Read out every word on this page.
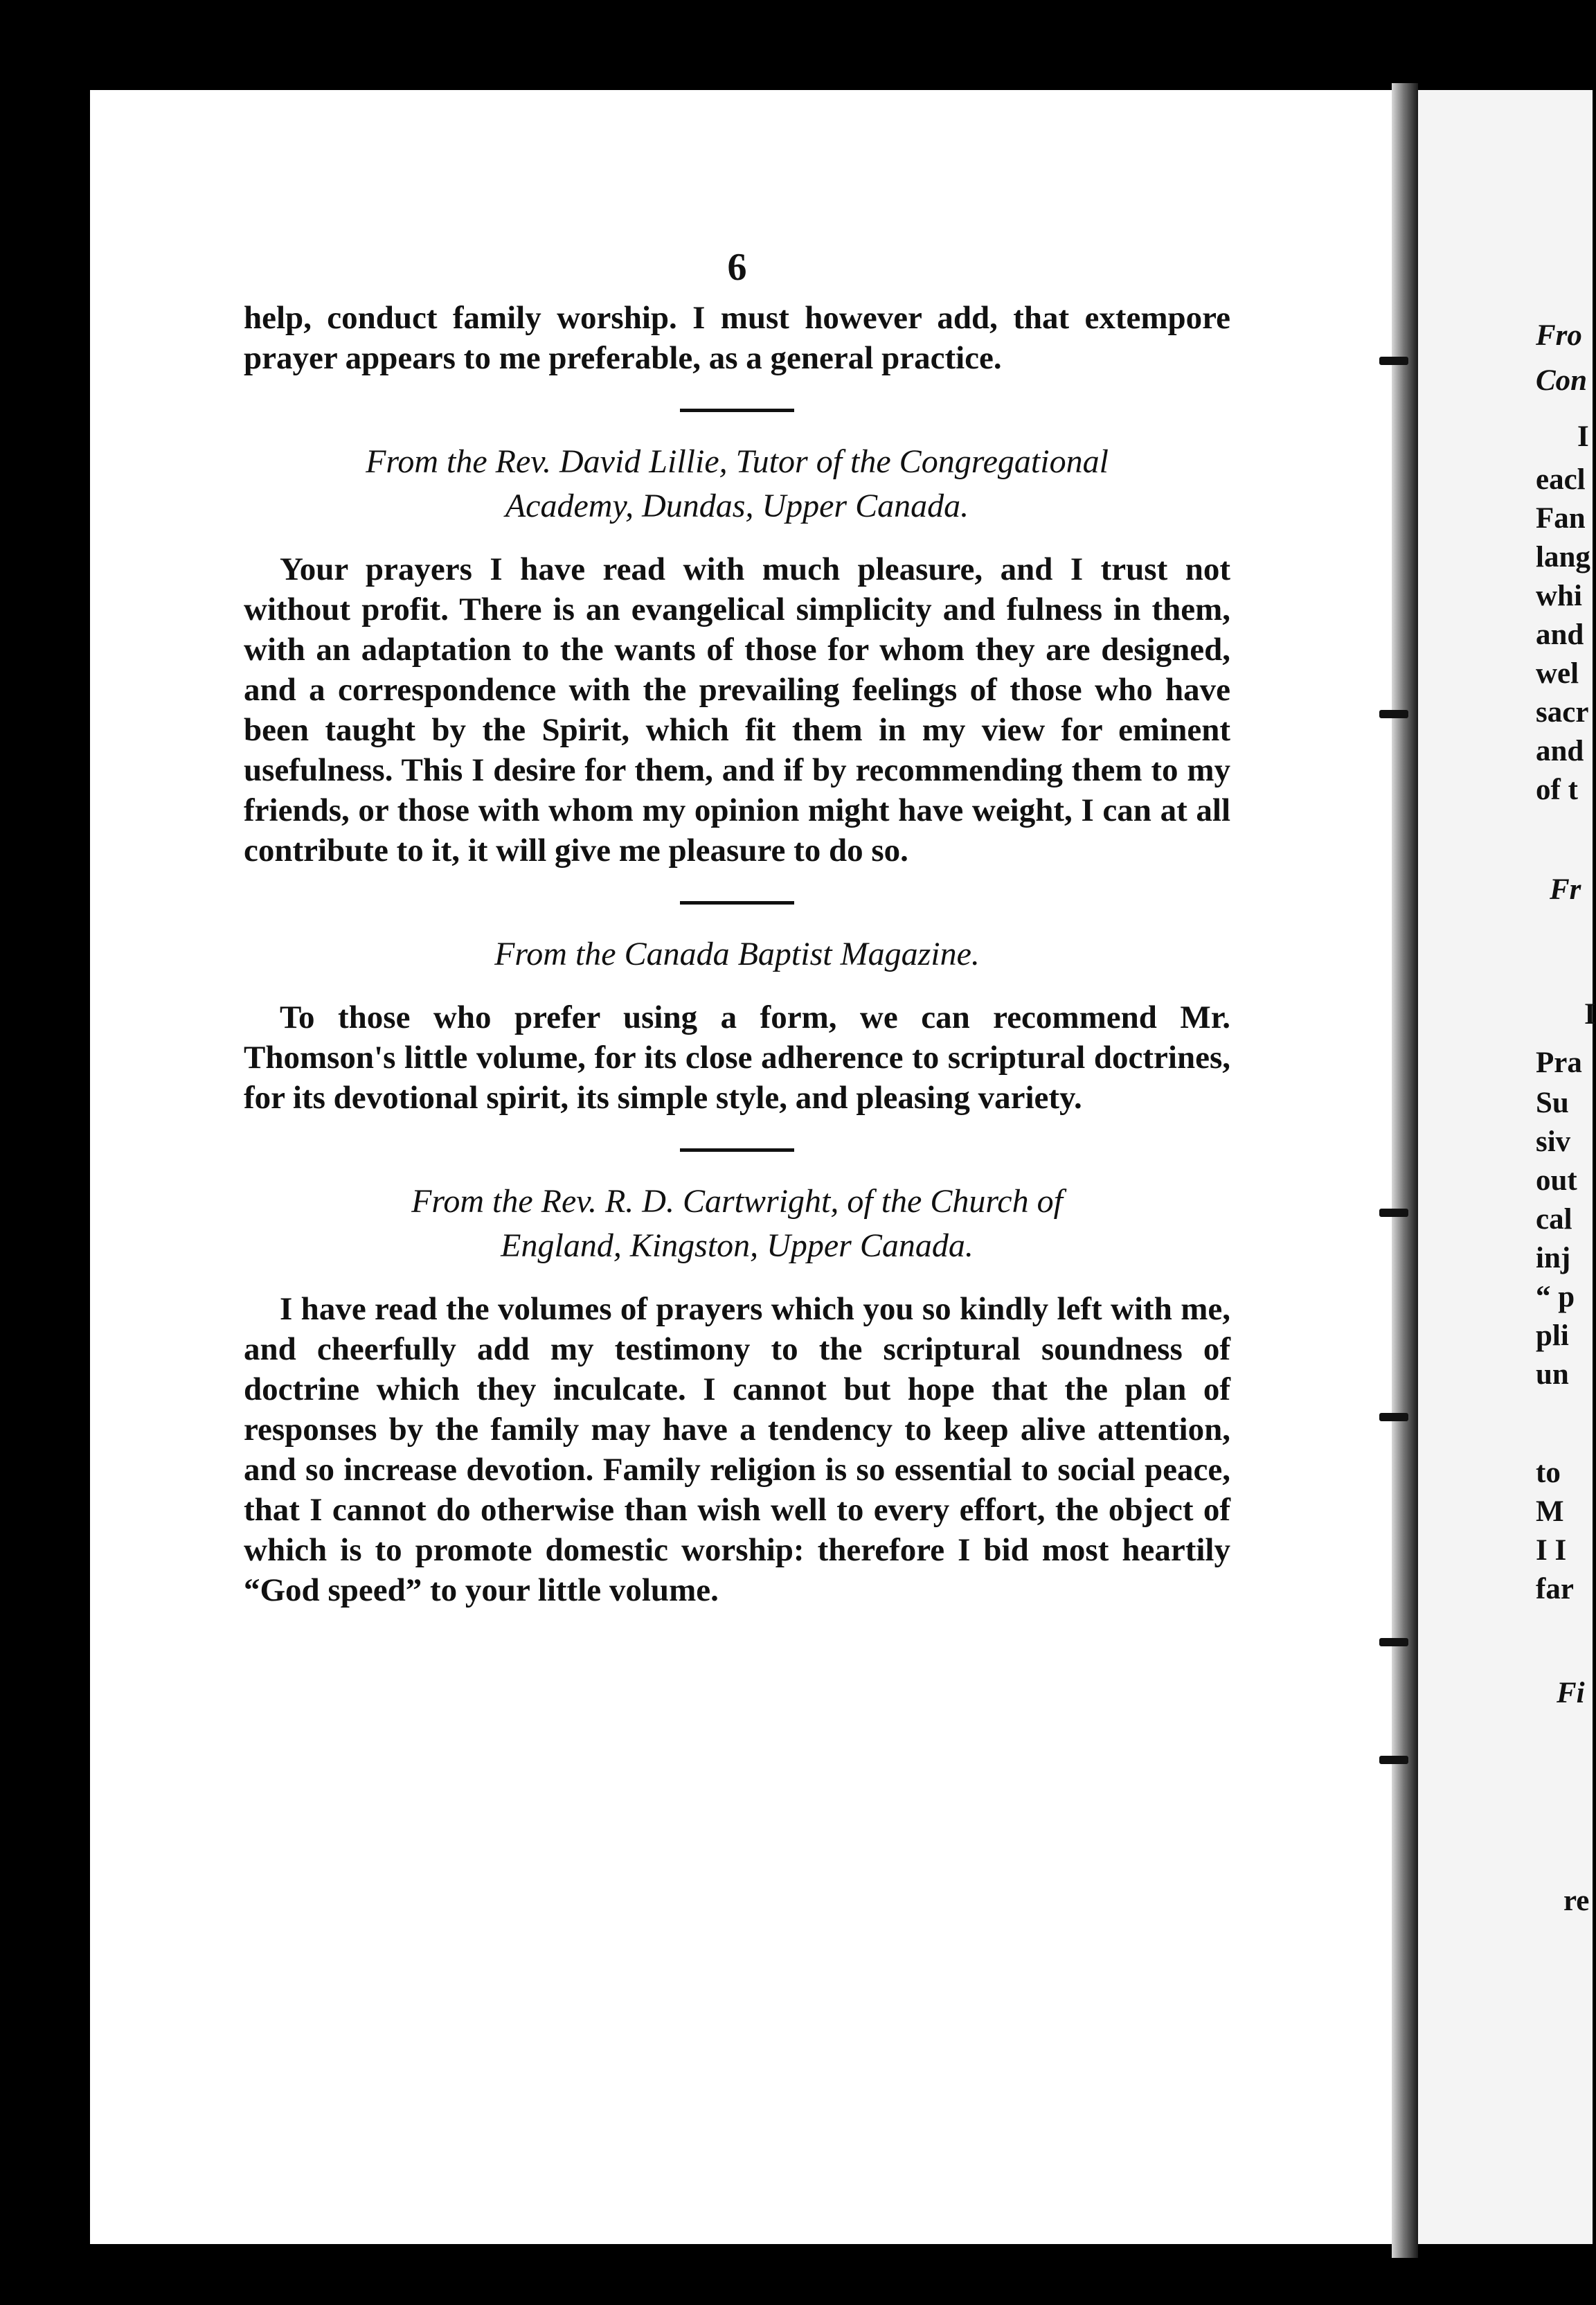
Fro
Con
I
eacl
Fan
lang
whi
and
wel
sacr
and
of t
Fr
I
Pra
Su
siv
out
cal
inj
“ p
pli
un
to
M
I I
far
Fi
re
6

help, conduct family worship. I must however add, that extempore prayer appears to me preferable, as a general practice.

From the Rev. David Lillie, Tutor of the Congregational
Academy, Dundas, Upper Canada.

Your prayers I have read with much pleasure, and I trust not without profit. There is an evangelical simplicity and fulness in them, with an adaptation to the wants of those for whom they are designed, and a correspondence with the prevailing feelings of those who have been taught by the Spirit, which fit them in my view for eminent usefulness. This I desire for them, and if by recommending them to my friends, or those with whom my opinion might have weight, I can at all contribute to it, it will give me pleasure to do so.

From the Canada Baptist Magazine.

To those who prefer using a form, we can recommend Mr. Thomson's little volume, for its close adherence to scriptural doctrines, for its devotional spirit, its simple style, and pleasing variety.

From the Rev. R. D. Cartwright, of the Church of
England, Kingston, Upper Canada.

I have read the volumes of prayers which you so kindly left with me, and cheerfully add my testimony to the scriptural soundness of doctrine which they inculcate. I cannot but hope that the plan of responses by the family may have a tendency to keep alive attention, and so increase devotion. Family religion is so essential to social peace, that I cannot do otherwise than wish well to every effort, the object of which is to promote domestic worship: therefore I bid most heartily “God speed” to your little volume.
